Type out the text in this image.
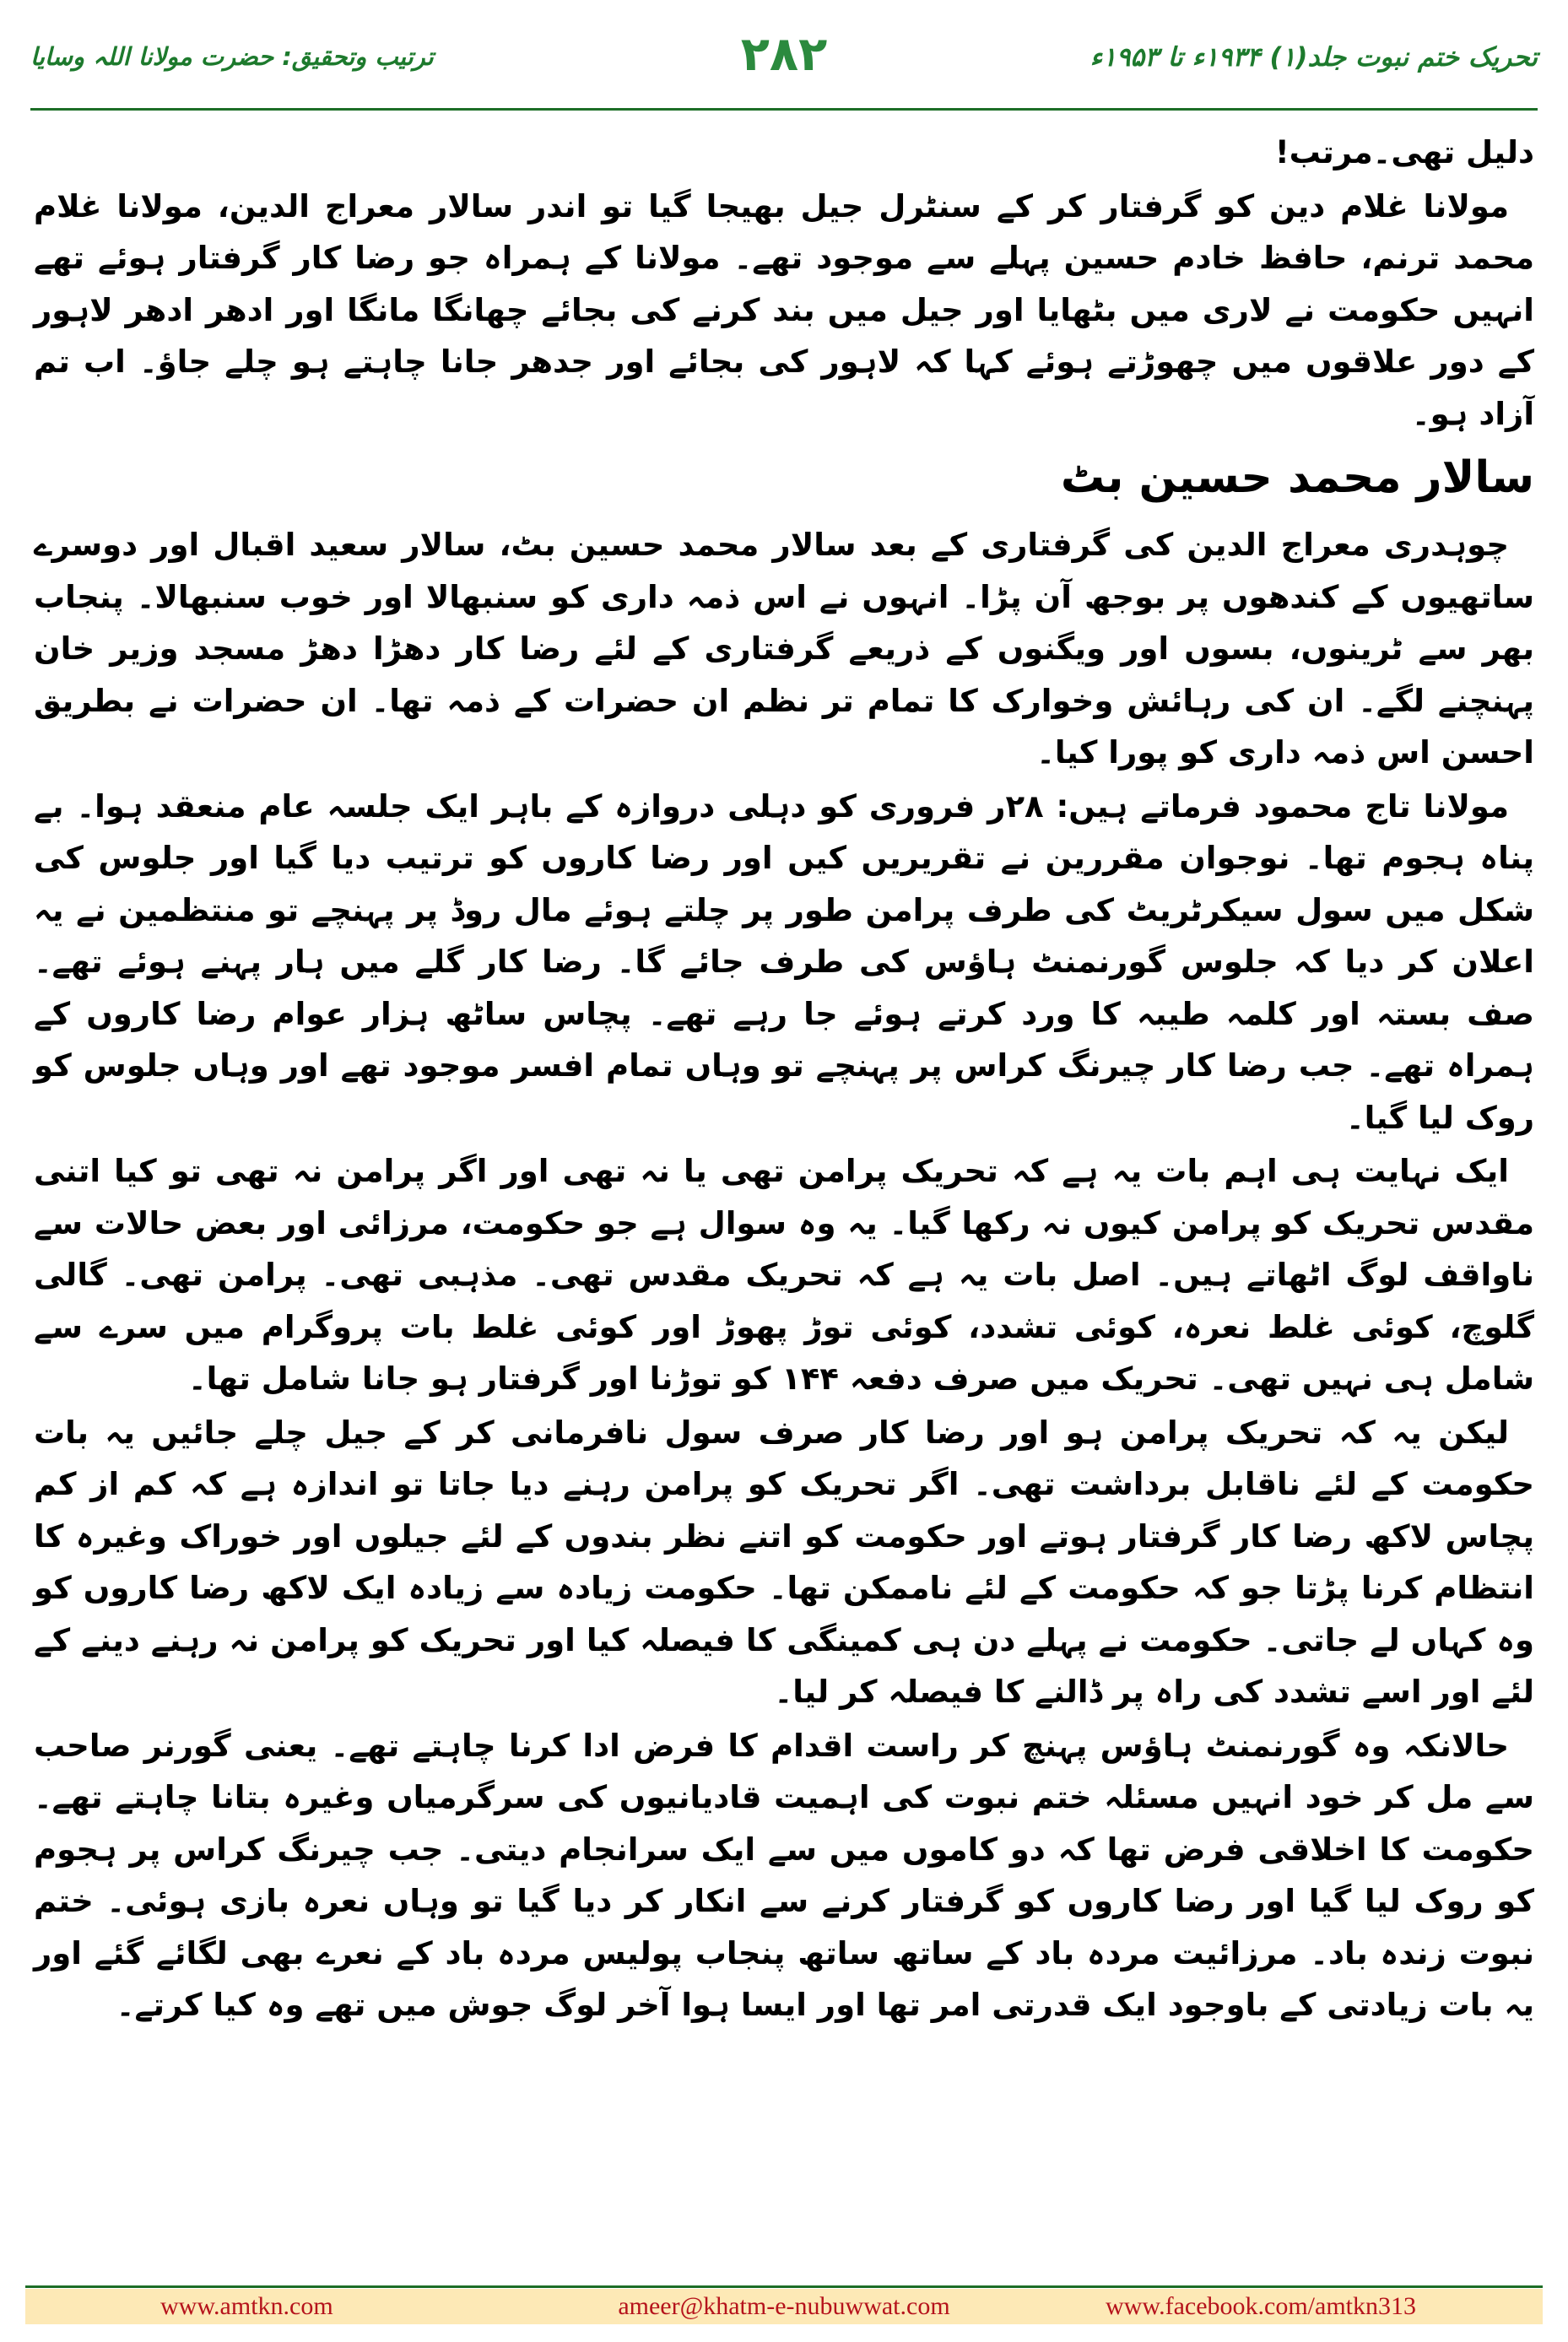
تحریک ختم نبوت جلد(۱) ۱۹۳۴ء تا ۱۹۵۳ء
۲۸۲
ترتیب وتحقیق: حضرت مولانا اللہ وسایا

دلیل تھی۔مرتب!

مولانا غلام دین کو گرفتار کر کے سنٹرل جیل بھیجا گیا تو اندر سالار معراج الدین، مولانا غلام محمد ترنم، حافظ خادم حسین پہلے سے موجود تھے۔ مولانا کے ہمراہ جو رضا کار گرفتار ہوئے تھے انہیں حکومت نے لاری میں بٹھایا اور جیل میں بند کرنے کی بجائے چھانگا مانگا اور ادھر ادھر لاہور کے دور علاقوں میں چھوڑتے ہوئے کہا کہ لاہور کی بجائے اور جدھر جانا چاہتے ہو چلے جاؤ۔ اب تم آزاد ہو۔

سالار محمد حسین بٹ

چوہدری معراج الدین کی گرفتاری کے بعد سالار محمد حسین بٹ، سالار سعید اقبال اور دوسرے ساتھیوں کے کندھوں پر بوجھ آن پڑا۔ انہوں نے اس ذمہ داری کو سنبھالا اور خوب سنبھالا۔ پنجاب بھر سے ٹرینوں، بسوں اور ویگنوں کے ذریعے گرفتاری کے لئے رضا کار دھڑا دھڑ مسجد وزیر خان پہنچنے لگے۔ ان کی رہائش وخوارک کا تمام تر نظم ان حضرات کے ذمہ تھا۔ ان حضرات نے بطریق احسن اس ذمہ داری کو پورا کیا۔

مولانا تاج محمود فرماتے ہیں: ۲۸ر فروری کو دہلی دروازہ کے باہر ایک جلسہ عام منعقد ہوا۔ بے پناہ ہجوم تھا۔ نوجوان مقررین نے تقریریں کیں اور رضا کاروں کو ترتیب دیا گیا اور جلوس کی شکل میں سول سیکرٹریٹ کی طرف پرامن طور پر چلتے ہوئے مال روڈ پر پہنچے تو منتظمین نے یہ اعلان کر دیا کہ جلوس گورنمنٹ ہاؤس کی طرف جائے گا۔ رضا کار گلے میں ہار پہنے ہوئے تھے۔ صف بستہ اور کلمہ طیبہ کا ورد کرتے ہوئے جا رہے تھے۔ پچاس ساٹھ ہزار عوام رضا کاروں کے ہمراہ تھے۔ جب رضا کار چیرنگ کراس پر پہنچے تو وہاں تمام افسر موجود تھے اور وہاں جلوس کو روک لیا گیا۔

ایک نہایت ہی اہم بات یہ ہے کہ تحریک پرامن تھی یا نہ تھی اور اگر پرامن نہ تھی تو کیا اتنی مقدس تحریک کو پرامن کیوں نہ رکھا گیا۔ یہ وہ سوال ہے جو حکومت، مرزائی اور بعض حالات سے ناواقف لوگ اٹھاتے ہیں۔ اصل بات یہ ہے کہ تحریک مقدس تھی۔ مذہبی تھی۔ پرامن تھی۔ گالی گلوچ، کوئی غلط نعرہ، کوئی تشدد، کوئی توڑ پھوڑ اور کوئی غلط بات پروگرام میں سرے سے شامل ہی نہیں تھی۔ تحریک میں صرف دفعہ ۱۴۴ کو توڑنا اور گرفتار ہو جانا شامل تھا۔

لیکن یہ کہ تحریک پرامن ہو اور رضا کار صرف سول نافرمانی کر کے جیل چلے جائیں یہ بات حکومت کے لئے ناقابل برداشت تھی۔ اگر تحریک کو پرامن رہنے دیا جاتا تو اندازہ ہے کہ کم از کم پچاس لاکھ رضا کار گرفتار ہوتے اور حکومت کو اتنے نظر بندوں کے لئے جیلوں اور خوراک وغیرہ کا انتظام کرنا پڑتا جو کہ حکومت کے لئے ناممکن تھا۔ حکومت زیادہ سے زیادہ ایک لاکھ رضا کاروں کو وہ کہاں لے جاتی۔ حکومت نے پہلے دن ہی کمینگی کا فیصلہ کیا اور تحریک کو پرامن نہ رہنے دینے کے لئے اور اسے تشدد کی راہ پر ڈالنے کا فیصلہ کر لیا۔

حالانکہ وہ گورنمنٹ ہاؤس پہنچ کر راست اقدام کا فرض ادا کرنا چاہتے تھے۔ یعنی گورنر صاحب سے مل کر خود انہیں مسئلہ ختم نبوت کی اہمیت قادیانیوں کی سرگرمیاں وغیرہ بتانا چاہتے تھے۔ حکومت کا اخلاقی فرض تھا کہ دو کاموں میں سے ایک سرانجام دیتی۔ جب چیرنگ کراس پر ہجوم کو روک لیا گیا اور رضا کاروں کو گرفتار کرنے سے انکار کر دیا گیا تو وہاں نعرہ بازی ہوئی۔ ختم نبوت زندہ باد۔ مرزائیت مردہ باد کے ساتھ ساتھ پنجاب پولیس مردہ باد کے نعرے بھی لگائے گئے اور یہ بات زیادتی کے باوجود ایک قدرتی امر تھا اور ایسا ہوا آخر لوگ جوش میں تھے وہ کیا کرتے۔

www.amtkn.com	ameer@khatm-e-nubuwwat.com	www.facebook.com/amtkn313
